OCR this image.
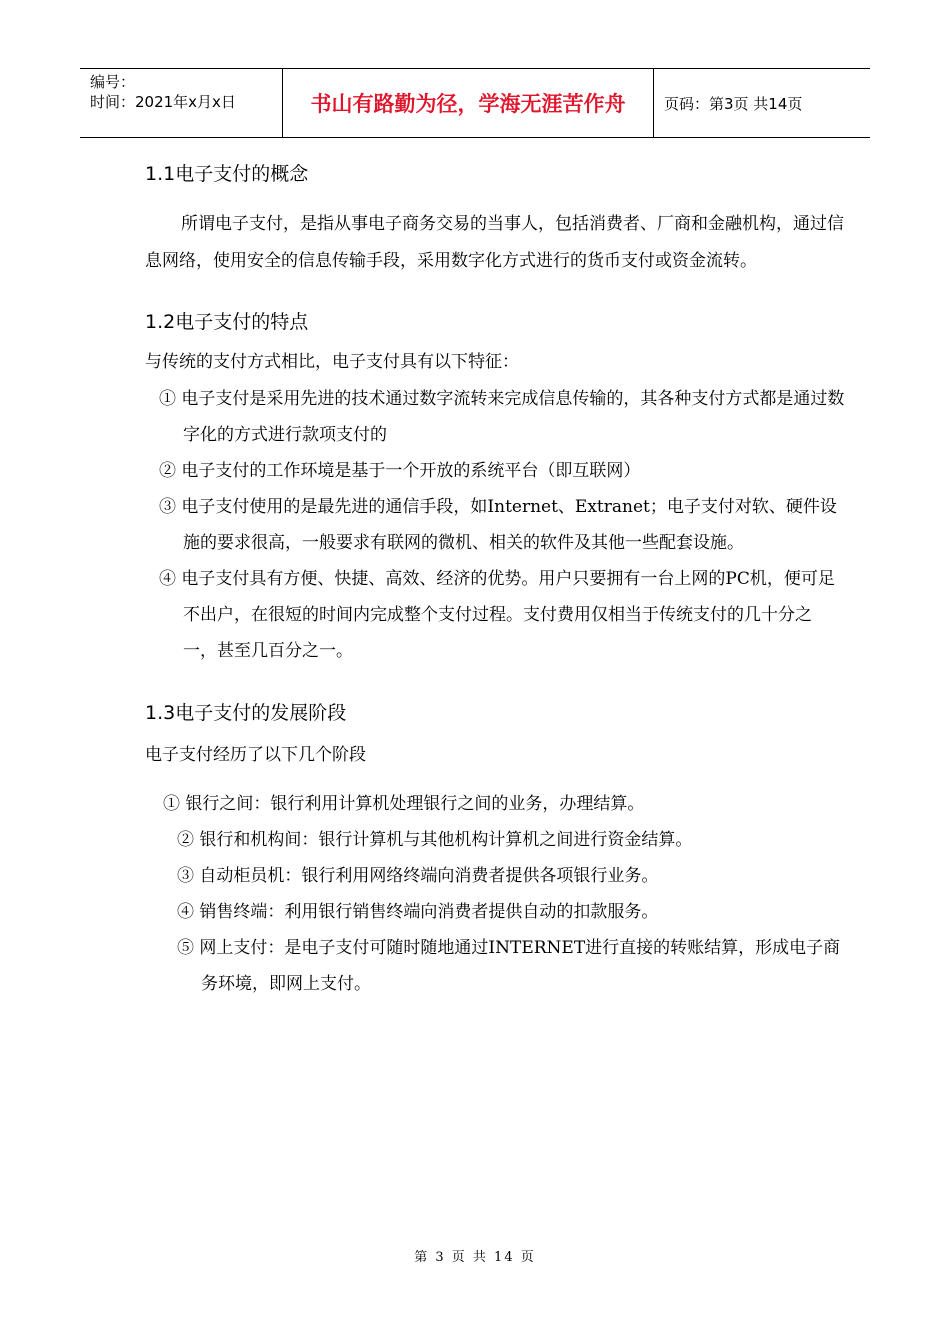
编号：
时间：2021年x月x日	书山有路勤为径，学海无涯苦作舟	页码：第3页 共14页
1.1电子支付的概念

所谓电子支付，是指从事电子商务交易的当事人，包括消费者、厂商和金融机构，通过信息网络，使用安全的信息传输手段，采用数字化方式进行的货币支付或资金流转。

1.2电子支付的特点

与传统的支付方式相比，电子支付具有以下特征：

① 电子支付是采用先进的技术通过数字流转来完成信息传输的，其各种支付方式都是通过数字化的方式进行款项支付的
② 电子支付的工作环境是基于一个开放的系统平台（即互联网）
③ 电子支付使用的是最先进的通信手段，如Internet、Extranet；电子支付对软、硬件设施的要求很高，一般要求有联网的微机、相关的软件及其他一些配套设施。
④ 电子支付具有方便、快捷、高效、经济的优势。用户只要拥有一台上网的PC机，便可足不出户，在很短的时间内完成整个支付过程。支付费用仅相当于传统支付的几十分之一，甚至几百分之一。
1.3电子支付的发展阶段

电子支付经历了以下几个阶段

① 银行之间：银行利用计算机处理银行之间的业务，办理结算。
② 银行和机构间：银行计算机与其他机构计算机之间进行资金结算。
③ 自动柜员机：银行利用网络终端向消费者提供各项银行业务。
④ 销售终端：利用银行销售终端向消费者提供自动的扣款服务。
⑤ 网上支付：是电子支付可随时随地通过INTERNET进行直接的转账结算，形成电子商务环境，即网上支付。
第 3 页 共 14 页
